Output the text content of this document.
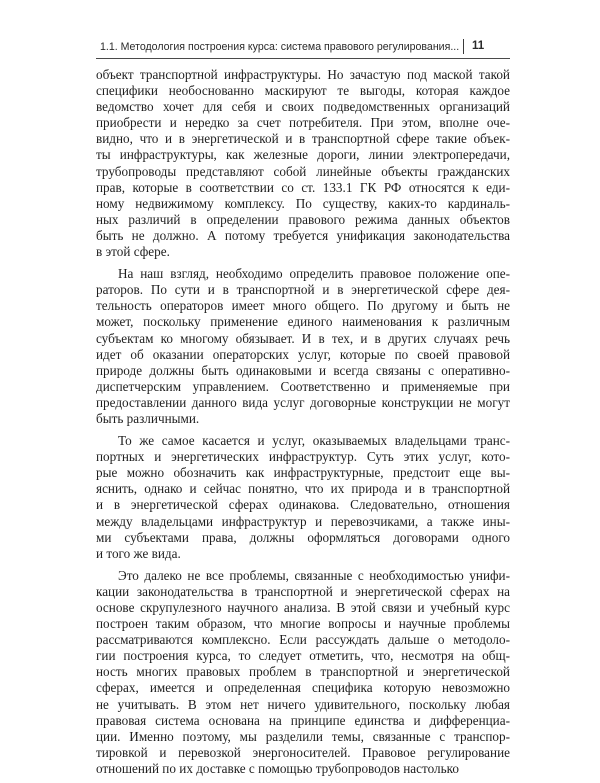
1.1. Методология построения курса: система правового регулирования... 11
объект транспортной инфраструктуры. Но зачастую под маской такой
специфики необоснованно маскируют те выгоды, которая каждое
ведомство хочет для себя и своих подведомственных организаций
приобрести и нередко за счет потребителя. При этом, вполне оче-
видно, что и в энергетической и в транспортной сфере такие объек-
ты инфраструктуры, как железные дороги, линии электропередачи,
трубопроводы представляют собой линейные объекты гражданских
прав, которые в соответствии со ст. 133.1 ГК РФ относятся к еди-
ному недвижимому комплексу. По существу, каких-то кардиналь-
ных различий в определении правового режима данных объектов
быть не должно. А потому требуется унификация законодательства
в этой сфере.
На наш взгляд, необходимо определить правовое положение опе-
раторов. По сути и в транспортной и в энергетической сфере дея-
тельность операторов имеет много общего. По другому и быть не
может, поскольку применение единого наименования к различным
субъектам ко многому обязывает. И в тех, и в других случаях речь
идет об оказании операторских услуг, которые по своей правовой
природе должны быть одинаковыми и всегда связаны с оперативно-
диспетчерским управлением. Соответственно и применяемые при
предоставлении данного вида услуг договорные конструкции не могут
быть различными.
То же самое касается и услуг, оказываемых владельцами транс-
портных и энергетических инфраструктур. Суть этих услуг, кото-
рые можно обозначить как инфраструктурные, предстоит еще вы-
яснить, однако и сейчас понятно, что их природа и в транспортной
и в энергетической сферах одинакова. Следовательно, отношения
между владельцами инфраструктур и перевозчиками, а также ины-
ми субъектами права, должны оформляться договорами одного
и того же вида.
Это далеко не все проблемы, связанные с необходимостью унифи-
кации законодательства в транспортной и энергетической сферах на
основе скрупулезного научного анализа. В этой связи и учебный курс
построен таким образом, что многие вопросы и научные проблемы
рассматриваются комплексно. Если рассуждать дальше о методоло-
гии построения курса, то следует отметить, что, несмотря на общ-
ность многих правовых проблем в транспортной и энергетической
сферах, имеется и определенная специфика которую невозможно
не учитывать. В этом нет ничего удивительного, поскольку любая
правовая система основана на принципе единства и дифференциа-
ции. Именно поэтому, мы разделили темы, связанные с транспор-
тировкой и перевозкой энергоносителей. Правовое регулирование
отношений по их доставке с помощью трубопроводов настолько
